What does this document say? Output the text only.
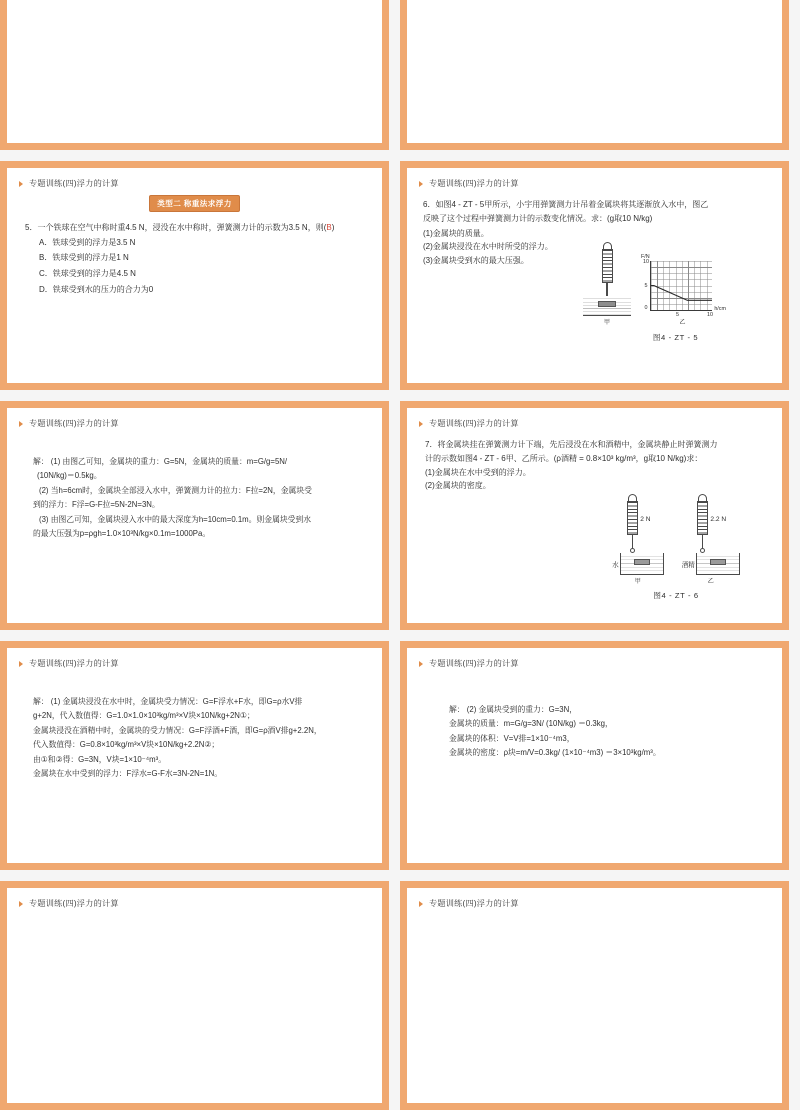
专题训练(四)浮力的计算
类型二 称重法求浮力
5．一个铁球在空气中称时重4.5 N，浸没在水中称时，弹簧测力计的示数为3.5 N，则(B)
A．铁球受到的浮力是3.5 N
B．铁球受到的浮力是1 N
C．铁球受到的浮力是4.5 N
D．铁球受到水的压力的合力为0
专题训练(四)浮力的计算
6．如图4 - ZT - 5甲所示，小宇用弹簧测力计吊着金属块将其逐渐放入水中，图乙
反映了这个过程中弹簧测力计的示数变化情况。求：(g取10 N/kg)
(1)金属块的质量。
(2)金属块浸没在水中时所受的浮力。
(3)金属块受到水的最大压强。
甲
F/N
h/cm
10
5
0
5	10
乙
图4 - ZT - 5
专题训练(四)浮力的计算
解： (1) 由图乙可知，金属块的重力：G=5N，金属块的质量：m=G/g=5N/
(10N/kg)＝0.5kg。
(2) 当h=6cm时，金属块全部浸入水中，弹簧测力计的拉力：F拉=2N，金属块受
到的浮力：F浮=G-F拉=5N-2N=3N。
(3) 由图乙可知，金属块浸入水中的最大深度为h=10cm=0.1m。则金属块受到水
的最大压强为p=ρgh=1.0×10³N/kg×0.1m=1000Pa。
专题训练(四)浮力的计算
7．将金属块挂在弹簧测力计下端，先后浸没在水和酒精中，金属块静止时弹簧测力
计的示数如图4 - ZT - 6甲、乙所示。(ρ酒精 = 0.8×10³ kg/m³，g取10 N/kg)求：
(1)金属块在水中受到的浮力。
(2)金属块的密度。
2 N
水
甲
2.2 N
酒精
乙
图4 - ZT - 6
专题训练(四)浮力的计算
解： (1) 金属块浸没在水中时，金属块受力情况：G=F浮水+F水，即G=ρ水V排
g+2N，代入数值得：G=1.0×1.0×10³kg/m³×V块×10N/kg+2N①；
金属块浸没在酒精中时，金属块的受力情况：G=F浮酒+F酒，即G=ρ酒V排g+2.2N，
代入数值得：G=0.8×10³kg/m³×V块×10N/kg+2.2N②；
由①和②得：G=3N，V块=1×10⁻⁴m³。
金属块在水中受到的浮力：F浮水=G-F水=3N-2N=1N。
专题训练(四)浮力的计算
解： (2) 金属块受到的重力：G=3N，
金属块的质量：m=G/g=3N/ (10N/kg) ＝0.3kg，
金属块的体积：V=V排=1×10⁻⁴m3，
金属块的密度：ρ块=m/V=0.3kg/ (1×10⁻⁴m3) ＝3×10³kg/m³。
专题训练(四)浮力的计算	专题训练(四)浮力的计算
